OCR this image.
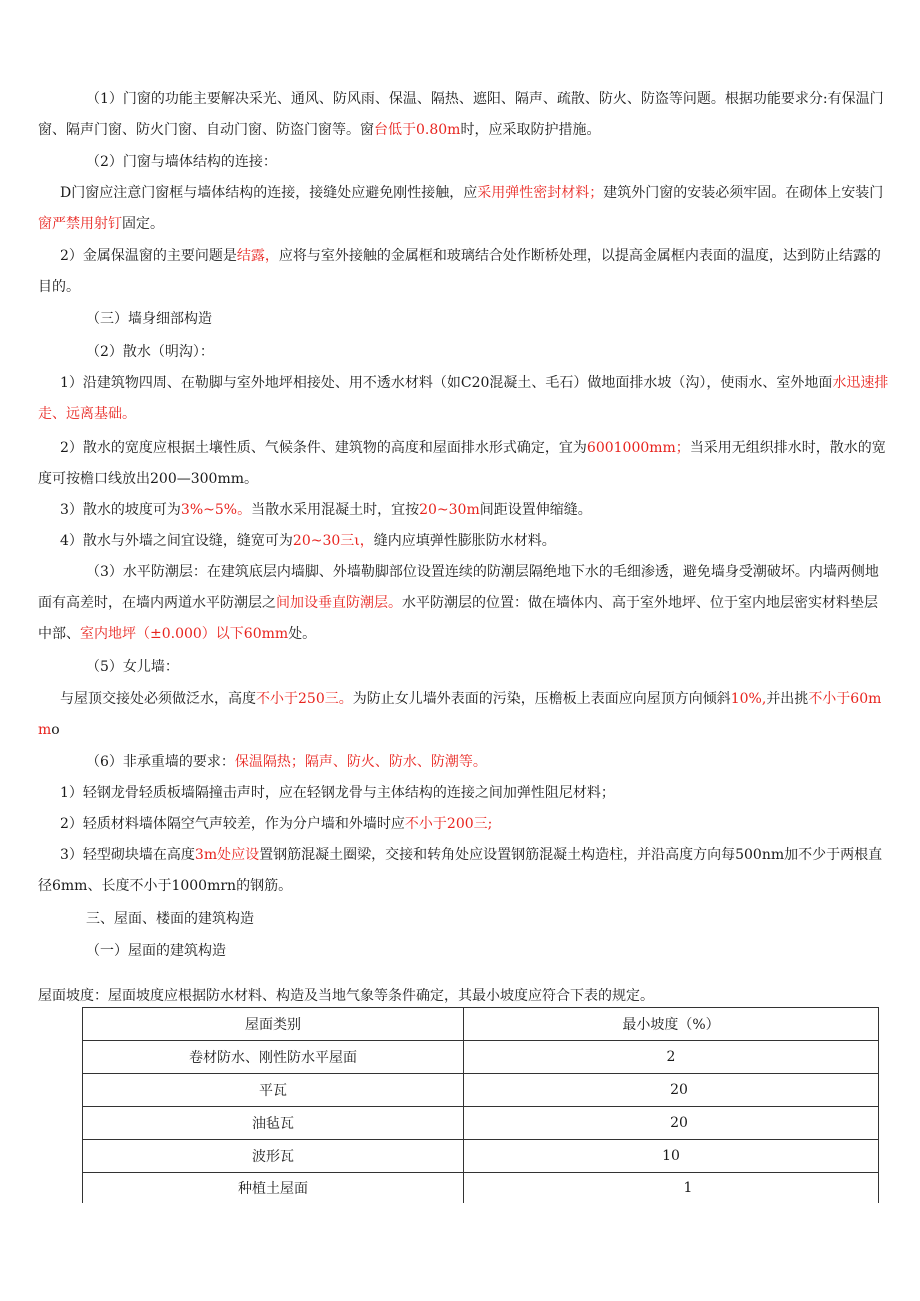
（1）门窗的功能主要解决采光、通风、防风雨、保温、隔热、遮阳、隔声、疏散、防火、防盗等问题。根据功能要求分:有保温门窗、隔声门窗、防火门窗、自动门窗、防盗门窗等。窗台低于0.80m时，应采取防护措施。

（2）门窗与墙体结构的连接：

D门窗应注意门窗框与墙体结构的连接，接缝处应避免刚性接触，应采用弹性密封材料；建筑外门窗的安装必须牢固。在砌体上安装门窗严禁用射钉固定。

2）金属保温窗的主要问题是结露，应将与室外接触的金属框和玻璃结合处作断桥处理，以提高金属框内表面的温度，达到防止结露的目的。

（三）墙身细部构造

（2）散水（明沟）：

1）沿建筑物四周、在勒脚与室外地坪相接处、用不透水材料（如C20混凝土、毛石）做地面排水坡（沟），使雨水、室外地面水迅速排走、远离基础。

2）散水的宽度应根据土壤性质、气候条件、建筑物的高度和屋面排水形式确定，宜为6001000mm；当采用无组织排水时，散水的宽度可按檐口线放出200—300mm。

3）散水的坡度可为3%~5%。当散水采用混凝土时，宜按20~30m间距设置伸缩缝。

4）散水与外墙之间宜设缝，缝宽可为20~30三ι，缝内应填弹性膨胀防水材料。

（3）水平防潮层：在建筑底层内墙脚、外墙勒脚部位设置连续的防潮层隔绝地下水的毛细渗透，避免墙身受潮破坏。内墙两侧地面有高差时，在墙内两道水平防潮层之间加设垂直防潮层。水平防潮层的位置：做在墙体内、高于室外地坪、位于室内地层密实材料垫层中部、室内地坪（±0.000）以下60mm处。

（5）女儿墙：

与屋顶交接处必须做泛水，高度不小于250三。为防止女儿墙外表面的污染，压檐板上表面应向屋顶方向倾斜10%,并出挑不小于60mmo

（6）非承重墙的要求：保温隔热；隔声、防火、防水、防潮等。

1）轻钢龙骨轻质板墙隔撞击声时，应在轻钢龙骨与主体结构的连接之间加弹性阻尼材料；

2）轻质材料墙体隔空气声较差，作为分户墙和外墙时应不小于200三;

3）轻型砌块墙在高度3m处应设置钢筋混凝土圈梁，交接和转角处应设置钢筋混凝土构造柱，并沿高度方向每500nm加不少于两根直径6mm、长度不小于1000mrn的钢筋。

三、屋面、楼面的建筑构造

（一）屋面的建筑构造

屋面坡度：屋面坡度应根据防水材料、构造及当地气象等条件确定，其最小坡度应符合下表的规定。

屋面类别	最小坡度（%）
卷材防水、刚性防水平屋面	2
平瓦	20
油毡瓦	20
波形瓦	10
种植土屋面	1
